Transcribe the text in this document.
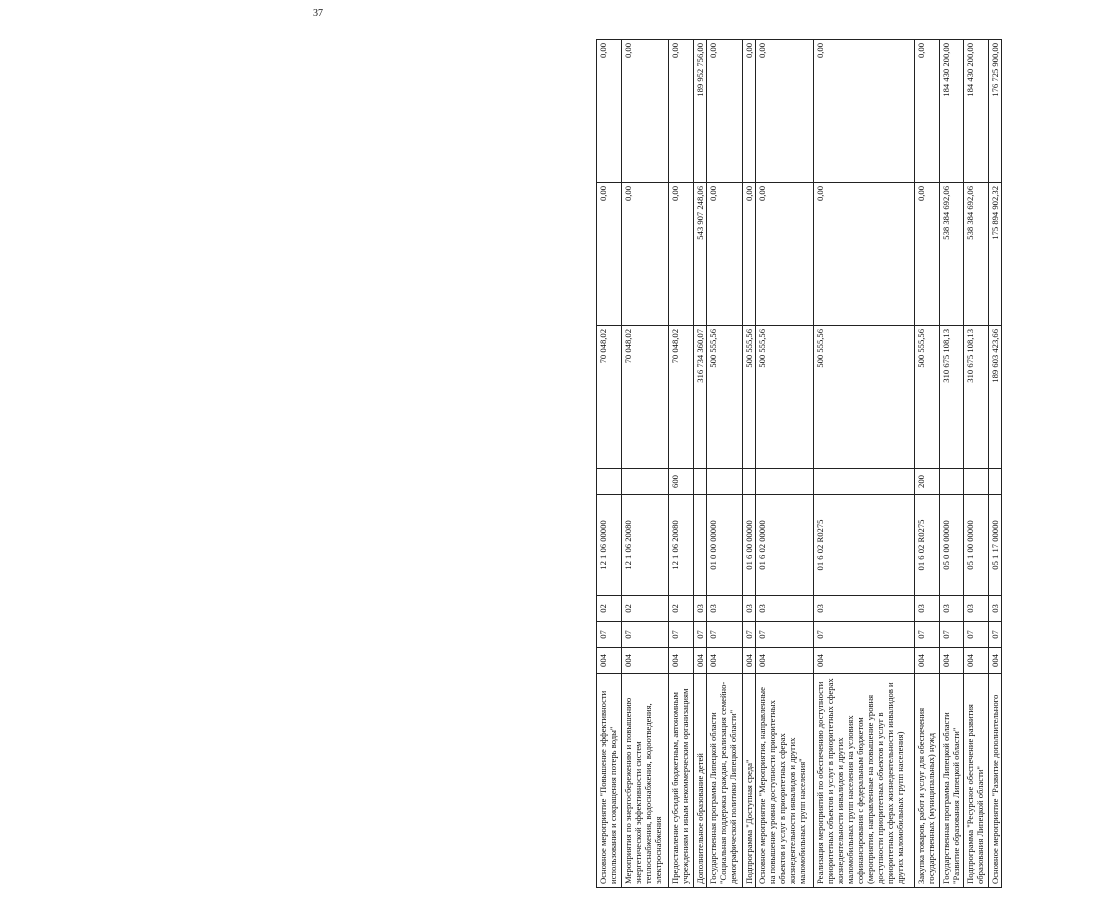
37
Основное мероприятие "Повышение эффективности использования и сокращения потерь воды"	004	07	02	12 1 06 00000		70 048,02	0,00	0,00
Мероприятия по энергосбережению и повышению энергетической эффективности систем теплоснабжения, водоснабжения, водоотведения, электроснабжения	004	07	02	12 1 06 20080		70 048,02	0,00	0,00
Предоставление субсидий бюджетным, автономным учреждениям и иным некоммерческим организациям	004	07	02	12 1 06 20080	600	70 048,02	0,00	0,00
Дополнительное образование детей	004	07	03			316 734 360,07	543 907 248,06	189 952 756,00
Государственная программа Липецкой области "Социальная поддержка граждан, реализация семейно-демографической политики Липецкой области"	004	07	03	01 0 00 00000		500 555,56	0,00	0,00
Подпрограмма "Доступная среда"	004	07	03	01 6 00 00000		500 555,56	0,00	0,00
Основное мероприятие "Мероприятия, направленные на повышение уровня доступности приоритетных объектов и услуг в приоритетных сферах жизнедеятельности инвалидов и других маломобильных групп населения"	004	07	03	01 6 02 00000		500 555,56	0,00	0,00
Реализация мероприятий по обеспечению доступности приоритетных объектов и услуг в приоритетных сферах жизнедеятельности инвалидов и других маломобильных групп населения на условиях софинансирования с федеральным бюджетом (мероприятия, направленные на повышение уровня доступности приоритетных объектов и услуг в приоритетных сферах жизнедеятельности инвалидов и других маломобильных групп населения)	004	07	03	01 6 02 R0275		500 555,56	0,00	0,00
Закупка товаров, работ и услуг для обеспечения государственных (муниципальных) нужд	004	07	03	01 6 02 R0275	200	500 555,56	0,00	0,00
Государственная программа Липецкой области "Развитие образования Липецкой области"	004	07	03	05 0 00 00000		310 675 108,13	538 384 692,06	184 430 200,00
Подпрограмма "Ресурсное обеспечение развития образования Липецкой области"	004	07	03	05 1 00 00000		310 675 108,13	538 384 692,06	184 430 200,00
Основное мероприятие "Развитие дополнительного	004	07	03	05 1 17 00000		189 603 423,66	175 894 902,32	176 725 900,00
